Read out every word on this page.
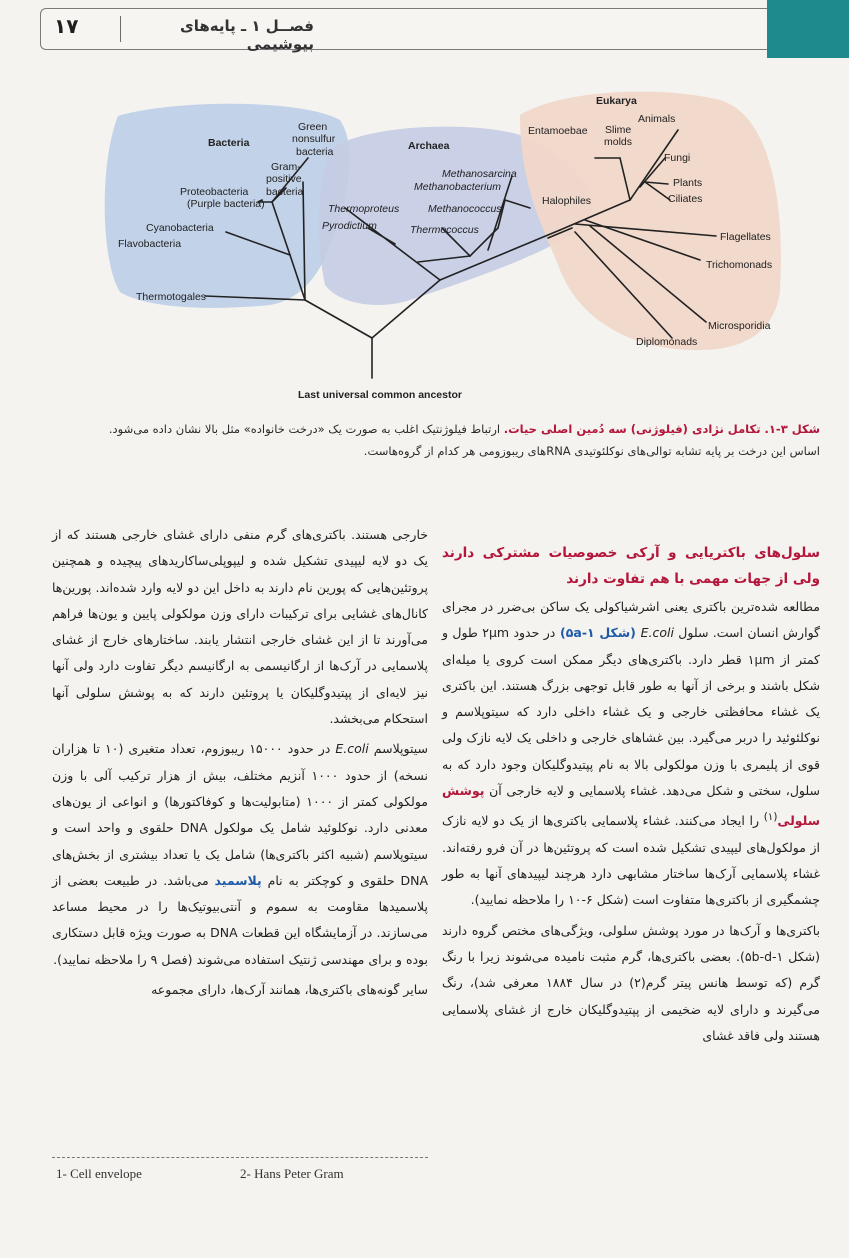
۱۷	فصــل ۱ ـ پایه‌های بیوشیمی
Bacteria
Green
nonsulfur
bacteria
Gram-
positive
bacteria
Proteobacteria
(Purple bacteria)
Cyanobacteria
Flavobacteria
Thermotogales
Archaea
Methanosarcina
Methanobacterium
Methanococcus
Thermoproteus
Pyrodictium	Thermococcus
Halophiles
Eukarya
Animals
Entamoebae Slime
molds
Fungi
Plants
Ciliates
Flagellates
Trichomonads
Microsporidia
Diplomonads
Last universal common ancestor
شکل ۳-۱. تکامل نژادی (فیلوژنی) سه دُمین اصلی حیات. ارتباط فیلوژنتیک اغلب به صورت یک «درخت خانواده» مثل بالا نشان داده می‌شود.
اساس این درخت بر پایه تشابه توالی‌های نوکلئوتیدی RNAهای ریبوزومی هر کدام از گروه‌هاست.
سلول‌های باکتریایی و آرکی خصوصیات مشترکی دارند ولی از جهات مهمی با هم تفاوت دارند

مطالعه شده‌ترین باکتری یعنی اشرشیاکولی یک ساکن بی‌ضرر در مجرای گوارش انسان است. سلول E.coli (شکل ۵a-۱) در حدود ۲μm طول و کمتر از ۱μm قطر دارد. باکتری‌های دیگر ممکن است کروی یا میله‌ای شکل باشند و برخی از آنها به طور قابل توجهی بزرگ هستند. این باکتری یک غشاء محافظتی خارجی و یک غشاء داخلی دارد که سیتوپلاسم و نوکلئوئید را دربر می‌گیرد. بین غشاهای خارجی و داخلی یک لایه نازک ولی قوی از پلیمری با وزن مولکولی بالا به نام پپتیدوگلیکان وجود دارد که به سلول، سختی و شکل می‌دهد. غشاء پلاسمایی و لایه خارجی آن پوشش سلولی$^{(۱)}$ را ایجاد می‌کنند. غشاء پلاسمایی باکتری‌ها از یک دو لایه نازک از مولکول‌های لیپیدی تشکیل شده است که پروتئین‌ها در آن فرو رفته‌اند. غشاء پلاسمایی آرک‌ها ساختار مشابهی دارد هرچند لیپیدهای آنها به طور چشمگیری از باکتری‌ها متفاوت است (شکل ۶-۱۰ را ملاحظه نمایید).

باکتری‌ها و آرک‌ها در مورد پوشش سلولی، ویژگی‌های مختص گروه دارند (شکل ۵b-d-۱). بعضی باکتری‌ها، گرم مثبت نامیده می‌شوند زیرا با رنگ گرم (که توسط هانس پیتر گرم(۲) در سال ۱۸۸۴ معرفی شد)، رنگ می‌گیرند و دارای لایه ضخیمی از پپتیدوگلیکان خارج از غشای پلاسمایی هستند ولی فاقد غشای

خارجی هستند. باکتری‌های گرم منفی دارای غشای خارجی هستند که از یک دو لایه لیپیدی تشکیل شده و لیپوپلی‌ساکاریدهای پیچیده و همچنین پروتئین‌هایی که پورین نام دارند به داخل این دو لایه وارد شده‌اند. پورین‌ها کانال‌های غشایی برای ترکیبات دارای وزن مولکولی پایین و یون‌ها فراهم می‌آورند تا از این غشای خارجی انتشار یابند. ساختارهای خارج از غشای پلاسمایی در آرک‌ها از ارگانیسمی به ارگانیسم دیگر تفاوت دارد ولی آنها نیز لایه‌ای از پپتیدوگلیکان یا پروتئین دارند که به پوشش سلولی آنها استحکام می‌بخشد.

سیتوپلاسم E.coli در حدود ۱۵۰۰۰ ریبوزوم، تعداد متغیری (۱۰ تا هزاران نسخه) از حدود ۱۰۰۰ آنزیم مختلف، بیش از هزار ترکیب آلی با وزن مولکولی کمتر از ۱۰۰۰ (متابولیت‌ها و کوفاکتورها) و انواعی از یون‌های معدنی دارد. نوکلوئید شامل یک مولکول DNA حلقوی و واحد است و سیتوپلاسم (شبیه اکثر باکتری‌ها) شامل یک یا تعداد بیشتری از بخش‌های DNA حلقوی و کوچکتر به نام پلاسمید می‌باشد. در طبیعت بعضی از پلاسمیدها مقاومت به سموم و آنتی‌بیوتیک‌ها را در محیط مساعد می‌سازند. در آزمایشگاه این قطعات DNA به صورت ویژه قابل دستکاری بوده و برای مهندسی ژنتیک استفاده می‌شوند (فصل ۹ را ملاحظه نمایید).

سایر گونه‌های باکتری‌ها، همانند آرک‌ها، دارای مجموعه

1- Cell envelope	2- Hans Peter Gram
